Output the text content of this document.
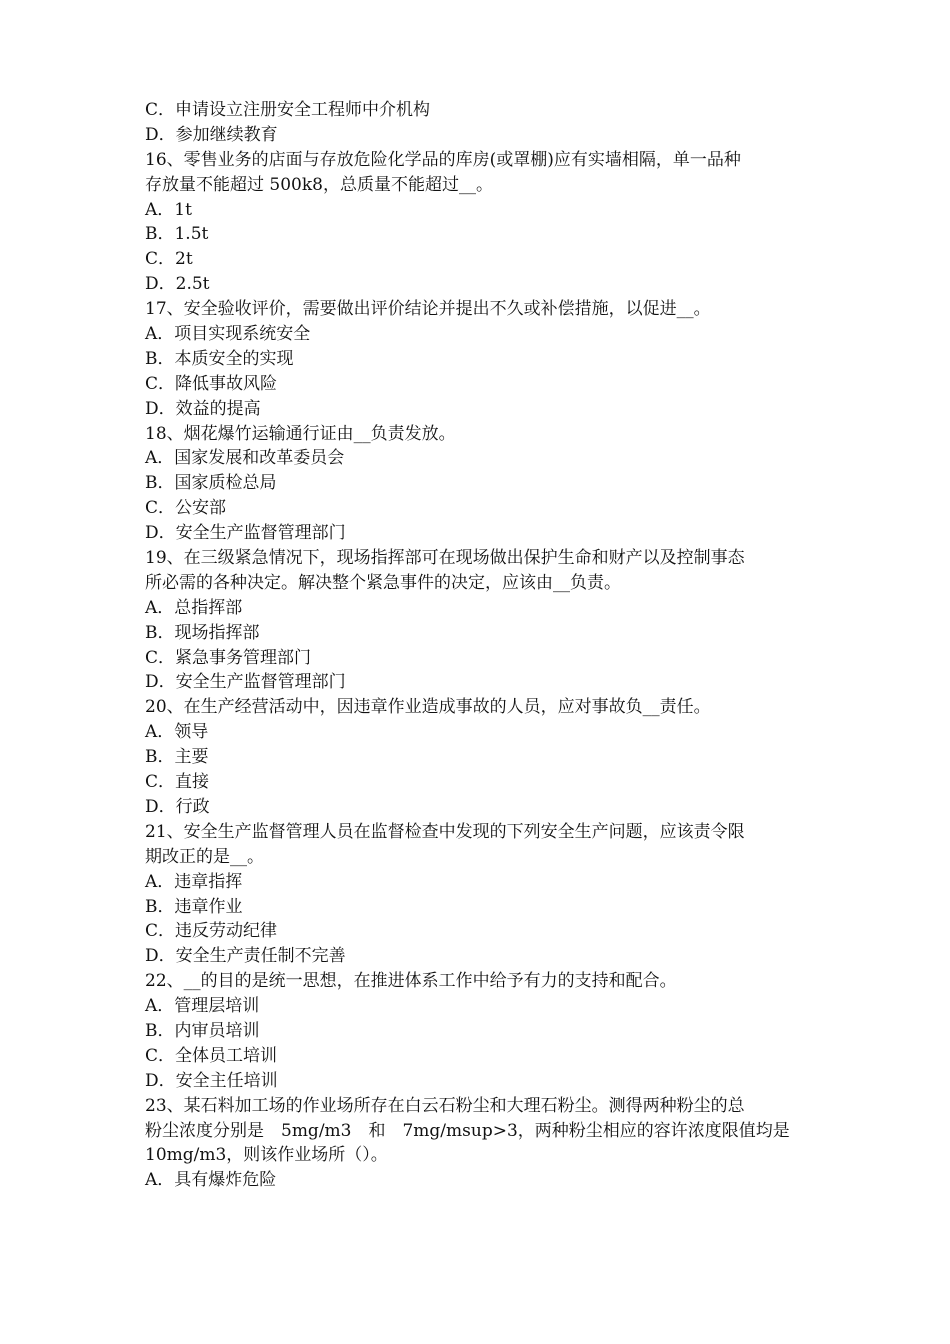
C．申请设立注册安全工程师中介机构
D．参加继续教育
16、零售业务的店面与存放危险化学品的库房(或罩棚)应有实墙相隔，单一品种
存放量不能超过 500k8，总质量不能超过__。
A．1t
B．1.5t
C．2t
D．2.5t
17、安全验收评价，需要做出评价结论并提出不久或补偿措施，以促进__。
A．项目实现系统安全
B．本质安全的实现
C．降低事故风险
D．效益的提高
18、烟花爆竹运输通行证由__负责发放。
A．国家发展和改革委员会
B．国家质检总局
C．公安部
D．安全生产监督管理部门
19、在三级紧急情况下，现场指挥部可在现场做出保护生命和财产以及控制事态
所必需的各种决定。解决整个紧急事件的决定，应该由__负责。
A．总指挥部
B．现场指挥部
C．紧急事务管理部门
D．安全生产监督管理部门
20、在生产经营活动中，因违章作业造成事故的人员，应对事故负__责任。
A．领导
B．主要
C．直接
D．行政
21、安全生产监督管理人员在监督检查中发现的下列安全生产问题，应该责令限
期改正的是__。
A．违章指挥
B．违章作业
C．违反劳动纪律
D．安全生产责任制不完善
22、__的目的是统一思想，在推进体系工作中给予有力的支持和配合。
A．管理层培训
B．内审员培训
C．全体员工培训
D．安全主任培训
23、某石料加工场的作业场所存在白云石粉尘和大理石粉尘。测得两种粉尘的总
粉尘浓度分别是　5mg/m3　和　7mg/msup>3，两种粉尘相应的容许浓度限值均是
10mg/m3，则该作业场所（）。
A．具有爆炸危险
